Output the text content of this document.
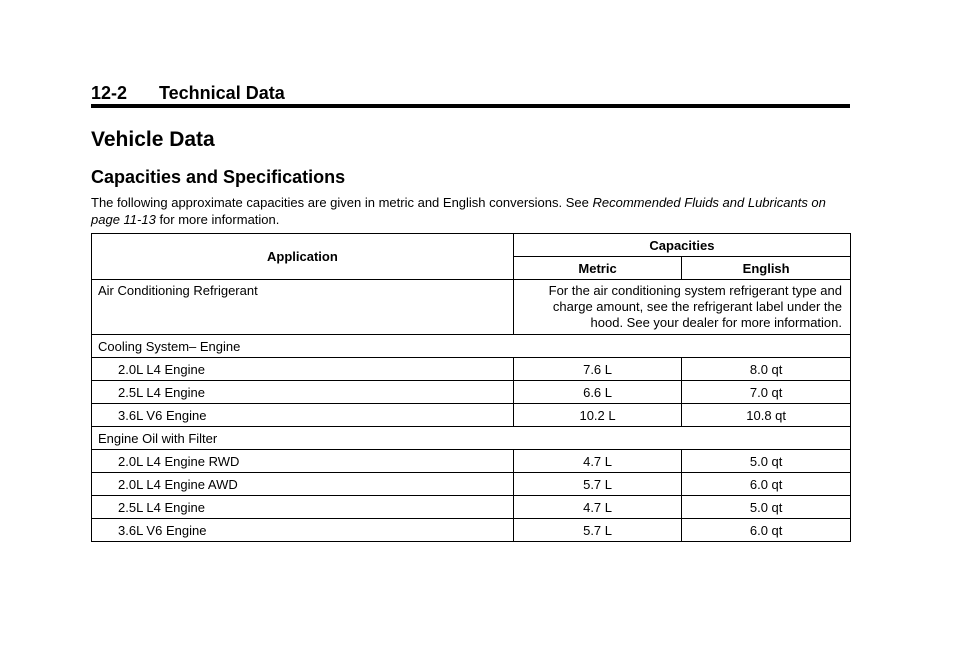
12-2 Technical Data
Vehicle Data
Capacities and Specifications
The following approximate capacities are given in metric and English conversions. See Recommended Fluids and Lubricants on page 11-13 for more information.
Application	Capacities	
	Metric	English
Air Conditioning Refrigerant	For the air conditioning system refrigerant type and
charge amount, see the refrigerant label under the
hood. See your dealer for more information.	

Cooling System– Engine		
2.0L L4 Engine	7.6 L	8.0 qt
2.5L L4 Engine	6.6 L	7.0 qt
3.6L V6 Engine	10.2 L	10.8 qt
Engine Oil with Filter		
2.0L L4 Engine RWD	4.7 L	5.0 qt
2.0L L4 Engine AWD	5.7 L	6.0 qt
2.5L L4 Engine	4.7 L	5.0 qt
3.6L V6 Engine	5.7 L	6.0 qt
